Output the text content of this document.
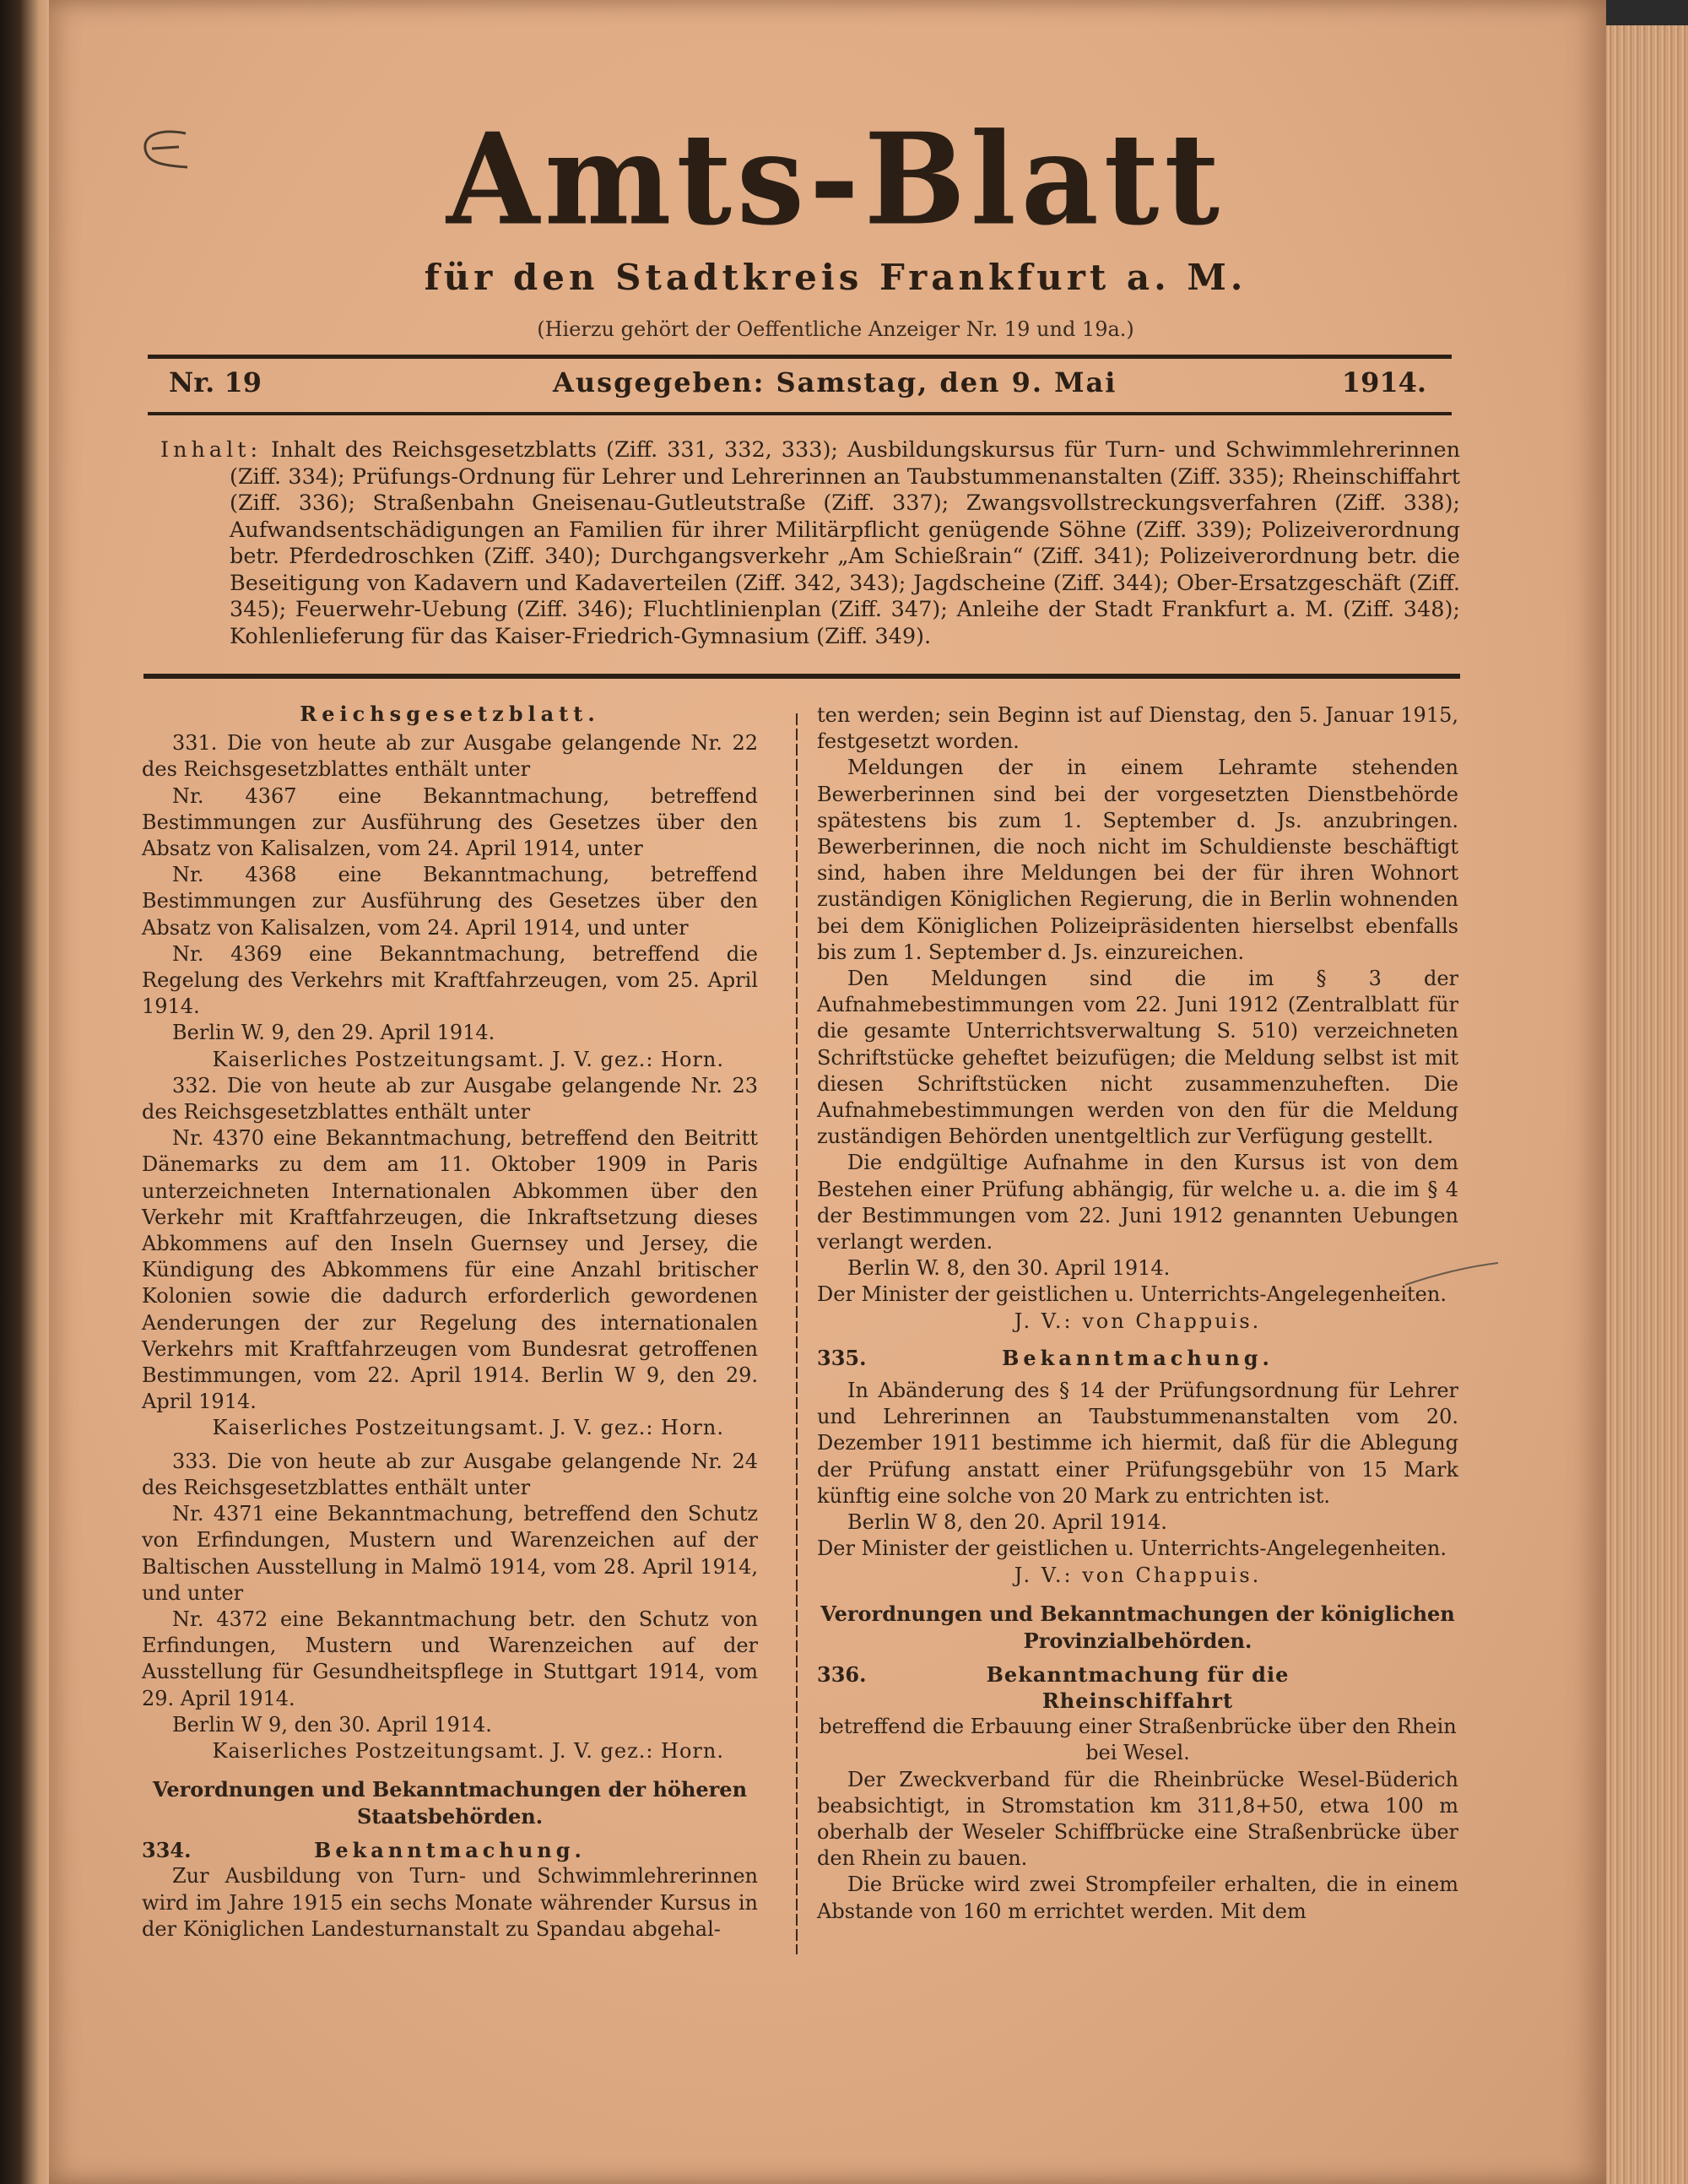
Amts-Blatt
für den Stadtkreis Frankfurt a. M.
(Hierzu gehört der Oeffentliche Anzeiger Nr. 19 und 19a.)
Nr. 19	Ausgegeben: Samstag, den 9. Mai	1914.

Inhalt: Inhalt des Reichsgesetzblatts (Ziff. 331, 332, 333); Ausbildungskursus für Turn- und Schwimmlehrerinnen (Ziff. 334); Prüfungs-Ordnung für Lehrer und Lehrerinnen an Taubstummenanstalten (Ziff. 335); Rheinschiffahrt (Ziff. 336); Straßenbahn Gneisenau-Gutleutstraße (Ziff. 337); Zwangsvollstreckungsverfahren (Ziff. 338); Aufwandsentschädigungen an Familien für ihrer Militärpflicht genügende Söhne (Ziff. 339); Polizeiverordnung betr. Pferdedroschken (Ziff. 340); Durchgangsverkehr „Am Schießrain“ (Ziff. 341); Polizeiverordnung betr. die Beseitigung von Kadavern und Kadaverteilen (Ziff. 342, 343); Jagdscheine (Ziff. 344); Ober-Ersatzgeschäft (Ziff. 345); Feuerwehr-Uebung (Ziff. 346); Fluchtlinienplan (Ziff. 347); Anleihe der Stadt Frankfurt a. M. (Ziff. 348); Kohlenlieferung für das Kaiser-Friedrich-Gymnasium (Ziff. 349).

Reichsgesetzblatt.

331. Die von heute ab zur Ausgabe gelangende Nr. 22 des Reichsgesetzblattes enthält unter

Nr. 4367 eine Bekanntmachung, betreffend Bestimmungen zur Ausführung des Gesetzes über den Absatz von Kalisalzen, vom 24. April 1914, unter

Nr. 4368 eine Bekanntmachung, betreffend Bestimmungen zur Ausführung des Gesetzes über den Absatz von Kalisalzen, vom 24. April 1914, und unter

Nr. 4369 eine Bekanntmachung, betreffend die Regelung des Verkehrs mit Kraftfahrzeugen, vom 25. April 1914.

Berlin W. 9, den 29. April 1914.

Kaiserliches Postzeitungsamt. J. V. gez.: Horn.

332. Die von heute ab zur Ausgabe gelangende Nr. 23 des Reichsgesetzblattes enthält unter

Nr. 4370 eine Bekanntmachung, betreffend den Beitritt Dänemarks zu dem am 11. Oktober 1909 in Paris unterzeichneten Internationalen Abkommen über den Verkehr mit Kraftfahrzeugen, die Inkraftsetzung dieses Abkommens auf den Inseln Guernsey und Jersey, die Kündigung des Abkommens für eine Anzahl britischer Kolonien sowie die dadurch erforderlich gewordenen Aenderungen der zur Regelung des internationalen Verkehrs mit Kraftfahrzeugen vom Bundesrat getroffenen Bestimmungen, vom 22. April 1914. Berlin W 9, den 29. April 1914.

Kaiserliches Postzeitungsamt. J. V. gez.: Horn.

333. Die von heute ab zur Ausgabe gelangende Nr. 24 des Reichsgesetzblattes enthält unter

Nr. 4371 eine Bekanntmachung, betreffend den Schutz von Erfindungen, Mustern und Warenzeichen auf der Baltischen Ausstellung in Malmö 1914, vom 28. April 1914, und unter

Nr. 4372 eine Bekanntmachung betr. den Schutz von Erfindungen, Mustern und Warenzeichen auf der Ausstellung für Gesundheitspflege in Stuttgart 1914, vom 29. April 1914.

Berlin W 9, den 30. April 1914.

Kaiserliches Postzeitungsamt. J. V. gez.: Horn.

Verordnungen und Bekanntmachungen der höheren Staatsbehörden.

334.	Bekanntmachung.

Zur Ausbildung von Turn- und Schwimmlehrerinnen wird im Jahre 1915 ein sechs Monate währender Kursus in der Königlichen Landesturnanstalt zu Spandau abgehal-

ten werden; sein Beginn ist auf Dienstag, den 5. Januar 1915, festgesetzt worden.

Meldungen der in einem Lehramte stehenden Bewerberinnen sind bei der vorgesetzten Dienstbehörde spätestens bis zum 1. September d. Js. anzubringen. Bewerberinnen, die noch nicht im Schuldienste beschäftigt sind, haben ihre Meldungen bei der für ihren Wohnort zuständigen Königlichen Regierung, die in Berlin wohnenden bei dem Königlichen Polizeipräsidenten hierselbst ebenfalls bis zum 1. September d. Js. einzureichen.

Den Meldungen sind die im § 3 der Aufnahmebestimmungen vom 22. Juni 1912 (Zentralblatt für die gesamte Unterrichtsverwaltung S. 510) verzeichneten Schriftstücke geheftet beizufügen; die Meldung selbst ist mit diesen Schriftstücken nicht zusammenzuheften. Die Aufnahmebestimmungen werden von den für die Meldung zuständigen Behörden unentgeltlich zur Verfügung gestellt.

Die endgültige Aufnahme in den Kursus ist von dem Bestehen einer Prüfung abhängig, für welche u. a. die im § 4 der Bestimmungen vom 22. Juni 1912 genannten Uebungen verlangt werden.

Berlin W. 8, den 30. April 1914.

Der Minister der geistlichen u. Unterrichts-Angelegenheiten.

J. V.: von Chappuis.

335.	Bekanntmachung.

In Abänderung des § 14 der Prüfungsordnung für Lehrer und Lehrerinnen an Taubstummenanstalten vom 20. Dezember 1911 bestimme ich hiermit, daß für die Ablegung der Prüfung anstatt einer Prüfungsgebühr von 15 Mark künftig eine solche von 20 Mark zu entrichten ist.

Berlin W 8, den 20. April 1914.

Der Minister der geistlichen u. Unterrichts-Angelegenheiten.

J. V.: von Chappuis.

Verordnungen und Bekanntmachungen der königlichen Provinzialbehörden.

336.	Bekanntmachung für die Rheinschiffahrt

betreffend die Erbauung einer Straßenbrücke über den Rhein bei Wesel.

Der Zweckverband für die Rheinbrücke Wesel-Büderich beabsichtigt, in Stromstation km 311,8+50, etwa 100 m oberhalb der Weseler Schiffbrücke eine Straßenbrücke über den Rhein zu bauen.

Die Brücke wird zwei Strompfeiler erhalten, die in einem Abstande von 160 m errichtet werden. Mit dem
